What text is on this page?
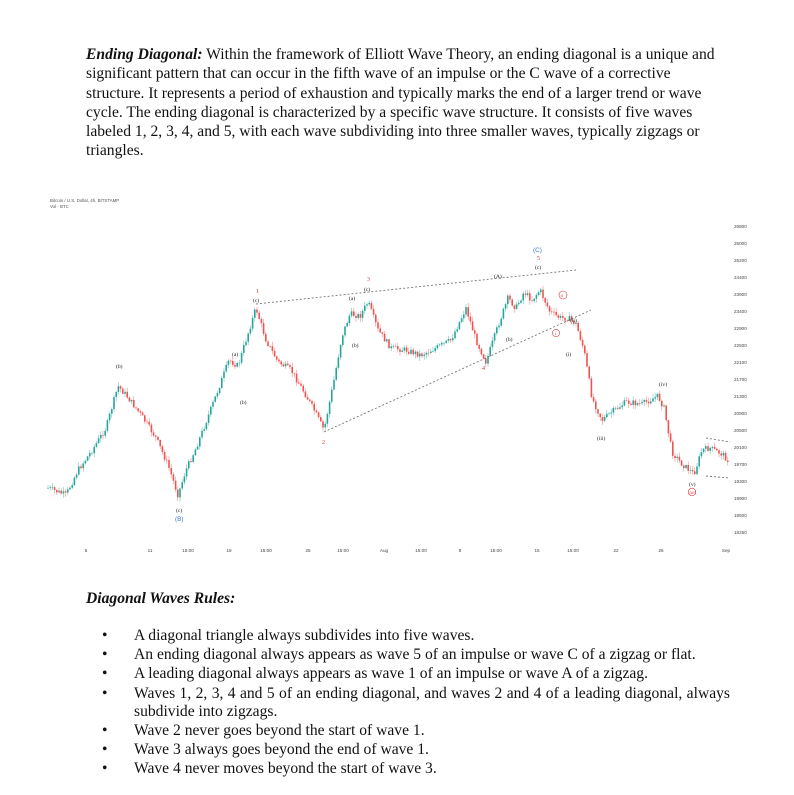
Ending Diagonal: Within the framework of Elliott Wave Theory, an ending diagonal is a unique and significant pattern that can occur in the fifth wave of an impulse or the C wave of a corrective structure. It represents a period of exhaustion and typically marks the end of a larger trend or wave cycle. The ending diagonal is characterized by a specific wave structure. It consists of five waves labeled 1, 2, 3, 4, and 5, with each wave subdividing into three smaller waves, typically zigzags or triangles.

Bitcoin / U.S. Dollar, 4h, BITSTAMP
Vol · BTC
26800
26000
25200
24400
23900
23400
22900
22500
22100
21700
21300
20900
20500
20100
19700
19300
18900
18500
18250
5	11	15:00	18	15:00	25	15:00	Aug	15:00	8	15:00	15	15:00	22	26	Sep
(b)
(c)
(B)
(a)
(b)
(c)
1
2
(a)
(b)
(c)
3	(A)
(b)
4
(C)
5
(c)
ii
i
(ii)
(i)
(iii)
(iv)
(v)
(iii)

Diagonal Waves Rules:

• A diagonal triangle always subdivides into five waves.
• An ending diagonal always appears as wave 5 of an impulse or wave C of a zigzag or flat.
• A leading diagonal always appears as wave 1 of an impulse or wave A of a zigzag.
• Waves 1, 2, 3, 4 and 5 of an ending diagonal, and waves 2 and 4 of a leading diagonal, always subdivide into zigzags.
• Wave 2 never goes beyond the start of wave 1.
• Wave 3 always goes beyond the end of wave 1.
• Wave 4 never moves beyond the start of wave 3.
